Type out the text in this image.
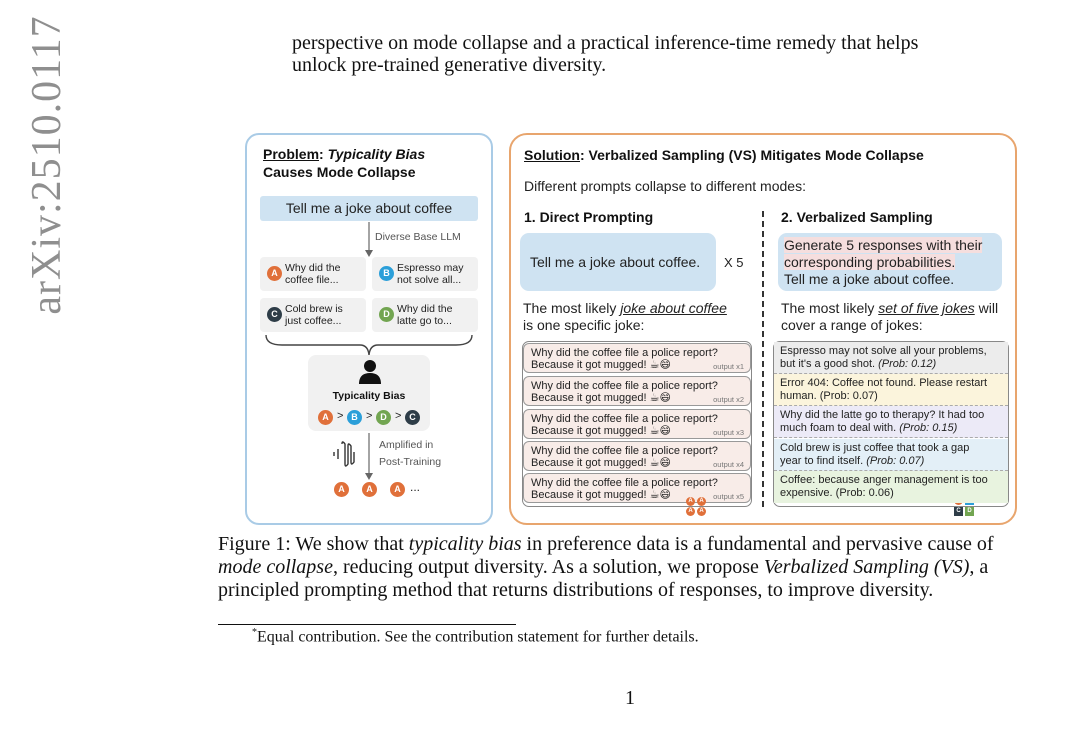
arXiv:2510.0117	perspective on mode collapse and a practical inference-time remedy that helps
unlock pre-trained generative diversity.
Problem: Typicality Bias
Causes Mode Collapse
Tell me a joke about coffee
Diverse Base LLM
A Why did the
coffee file...
B Espresso may
not solve all...
C Cold brew is
just coffee...
D Why did the
latte go to...
Typicality Bias
A > B > D > C
Amplified in
Post-Training
A	A	A ...
Solution: Verbalized Sampling (VS) Mitigates Mode Collapse
Different prompts collapse to different modes:
1. Direct Prompting	2. Verbalized Sampling
Tell me a joke about coffee.	X 5
Generate 5 responses with their
corresponding probabilities.
Tell me a joke about coffee.
The most likely joke about coffee
is one specific joke:
The most likely set of five jokes will
cover a range of jokes:
Why did the coffee file a police report?
Because it got mugged! ☕😄	output x1
Why did the coffee file a police report?
Because it got mugged! ☕😄	output x2
Why did the coffee file a police report?
Because it got mugged! ☕😄	output x3
Why did the coffee file a police report?
Because it got mugged! ☕😄	output x4
Why did the coffee file a police report?
Because it got mugged! ☕😄	output x5
A	A
A	A	C	D
Figure 1: We show that typicality bias in preference data is a fundamental and pervasive cause of
mode collapse, reducing output diversity. As a solution, we propose Verbalized Sampling (VS), a
principled prompting method that returns distributions of responses, to improve diversity.
*Equal contribution. See the contribution statement for further details.
1
Espresso may not solve all your problems,
but it's a good shot. (Prob: 0.12)
Error 404: Coffee not found. Please restart
human. (Prob: 0.07)
Why did the latte go to therapy? It had too
much foam to deal with. (Prob: 0.15)
Cold brew is just coffee that took a gap
year to find itself. (Prob: 0.07)
Coffee: because anger management is too
expensive. (Prob: 0.06)
